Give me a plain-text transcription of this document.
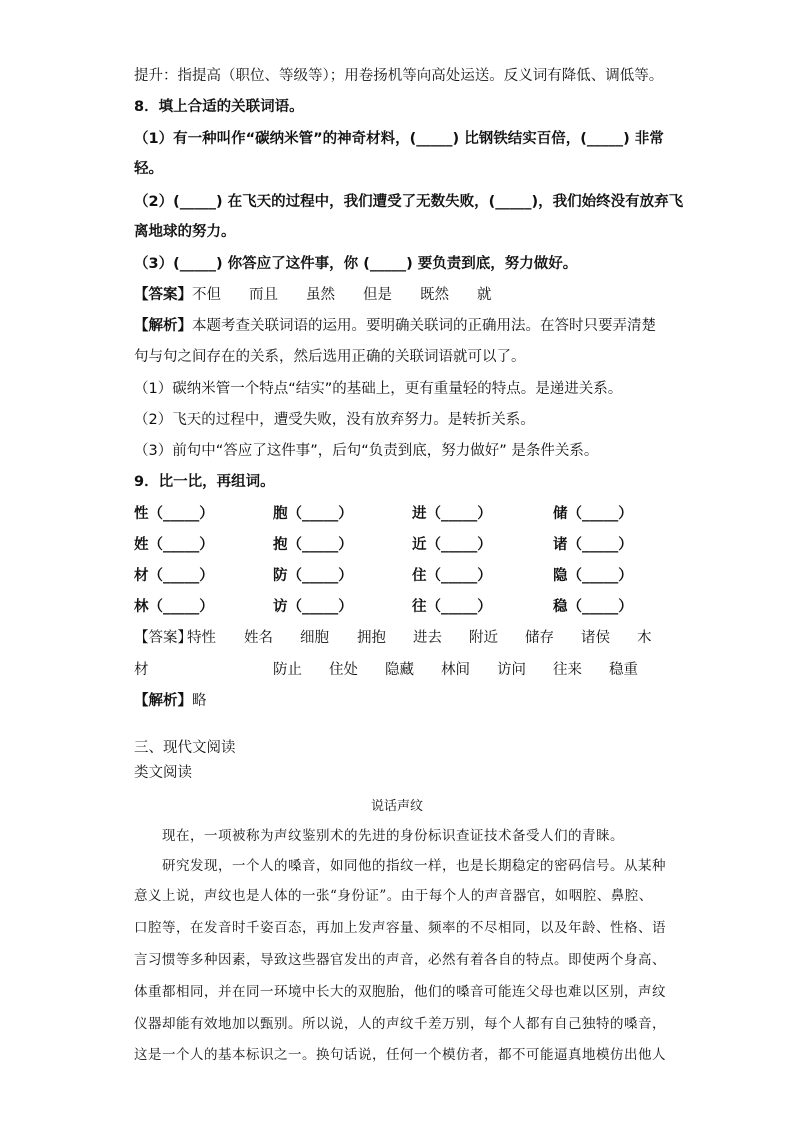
提升：指提高（职位、等级等）；用卷扬机等向高处运送。反义词有降低、调低等。
8．填上合适的关联词语。
（1）有一种叫作“碳纳米管”的神奇材料，(_____) 比钢铁结实百倍，(_____) 非常
轻。
（2）(_____) 在飞天的过程中，我们遭受了无数失败，(_____)，我们始终没有放弃飞
离地球的努力。
（3）(_____) 你答应了这件事，你 (_____) 要负责到底，努力做好。
【答案】不但 而且 虽然 但是 既然 就
【解析】本题考查关联词语的运用。要明确关联词的正确用法。在答时只要弄清楚
句与句之间存在的关系，然后选用正确的关联词语就可以了。
（1）碳纳米管一个特点“结实”的基础上，更有重量轻的特点。是递进关系。
（2）飞天的过程中，遭受失败，没有放弃努力。是转折关系。
（3）前句中“答应了这件事”，后句“负责到底，努力做好” 是条件关系。
9．比一比，再组词。
性（_____）	胞（_____）	进（_____）	储（_____）
姓（_____）	抱（_____）	近（_____）	诸（_____）
材（_____）	防（_____）	住（_____）	隐（_____）
林（_____）	访（_____）	往（_____）	稳（_____）
【答案】
特性 姓名 细胞 拥抱 进去 附近 储存 诸侯 木
材	防止 住处 隐藏 林间 访问 往来 稳重
【解析】略
三、现代文阅读
类文阅读
说话声纹
现在，一项被称为声纹鉴别术的先进的身份标识查证技术备受人们的青睐。
研究发现，一个人的嗓音，如同他的指纹一样，也是长期稳定的密码信号。从某种
意义上说，声纹也是人体的一张“身份证”。由于每个人的声音器官，如咽腔、鼻腔、
口腔等，在发音时千姿百态，再加上发声容量、频率的不尽相同，以及年龄、性格、语
言习惯等多种因素，导致这些器官发出的声音，必然有着各自的特点。即使两个身高、
体重都相同，并在同一环境中长大的双胞胎，他们的嗓音可能连父母也难以区别，声纹
仪器却能有效地加以甄别。所以说，人的声纹千差万别，每个人都有自己独特的嗓音，
这是一个人的基本标识之一。换句话说，任何一个模仿者，都不可能逼真地模仿出他人
